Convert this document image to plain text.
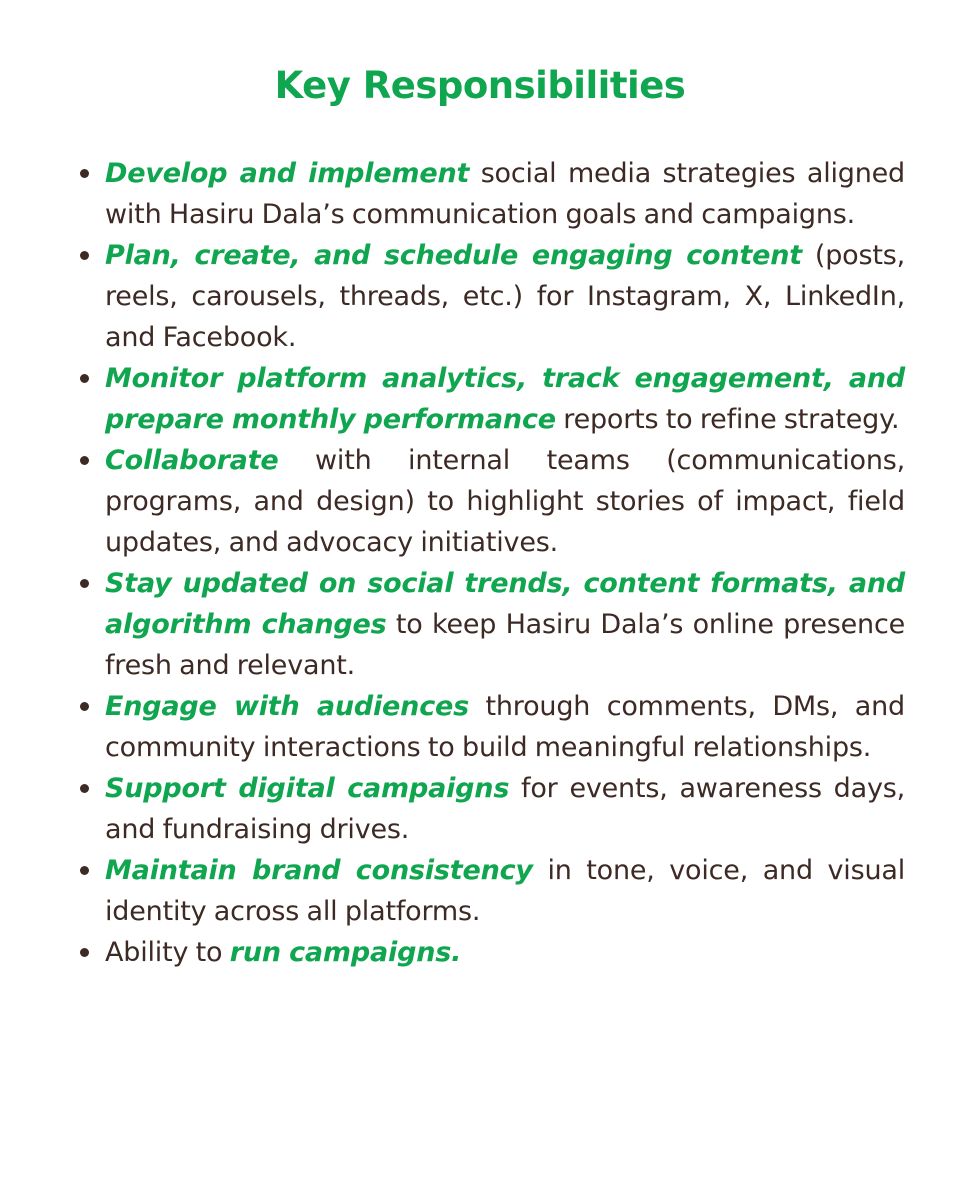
Key Responsibilities
Develop and implement social media strategies aligned with Hasiru Dala’s communication goals and campaigns.
Plan, create, and schedule engaging content (posts, reels, carousels, threads, etc.) for Instagram, X, LinkedIn, and Facebook.
Monitor platform analytics, track engagement, and prepare monthly performance reports to refine strategy.
Collaborate with internal teams (communications, programs, and design) to highlight stories of impact, field updates, and advocacy initiatives.
Stay updated on social trends, content formats, and algorithm changes to keep Hasiru Dala’s online presence fresh and relevant.
Engage with audiences through comments, DMs, and community interactions to build meaningful relationships.
Support digital campaigns for events, awareness days, and fundraising drives.
Maintain brand consistency in tone, voice, and visual identity across all platforms.
Ability to run campaigns.
